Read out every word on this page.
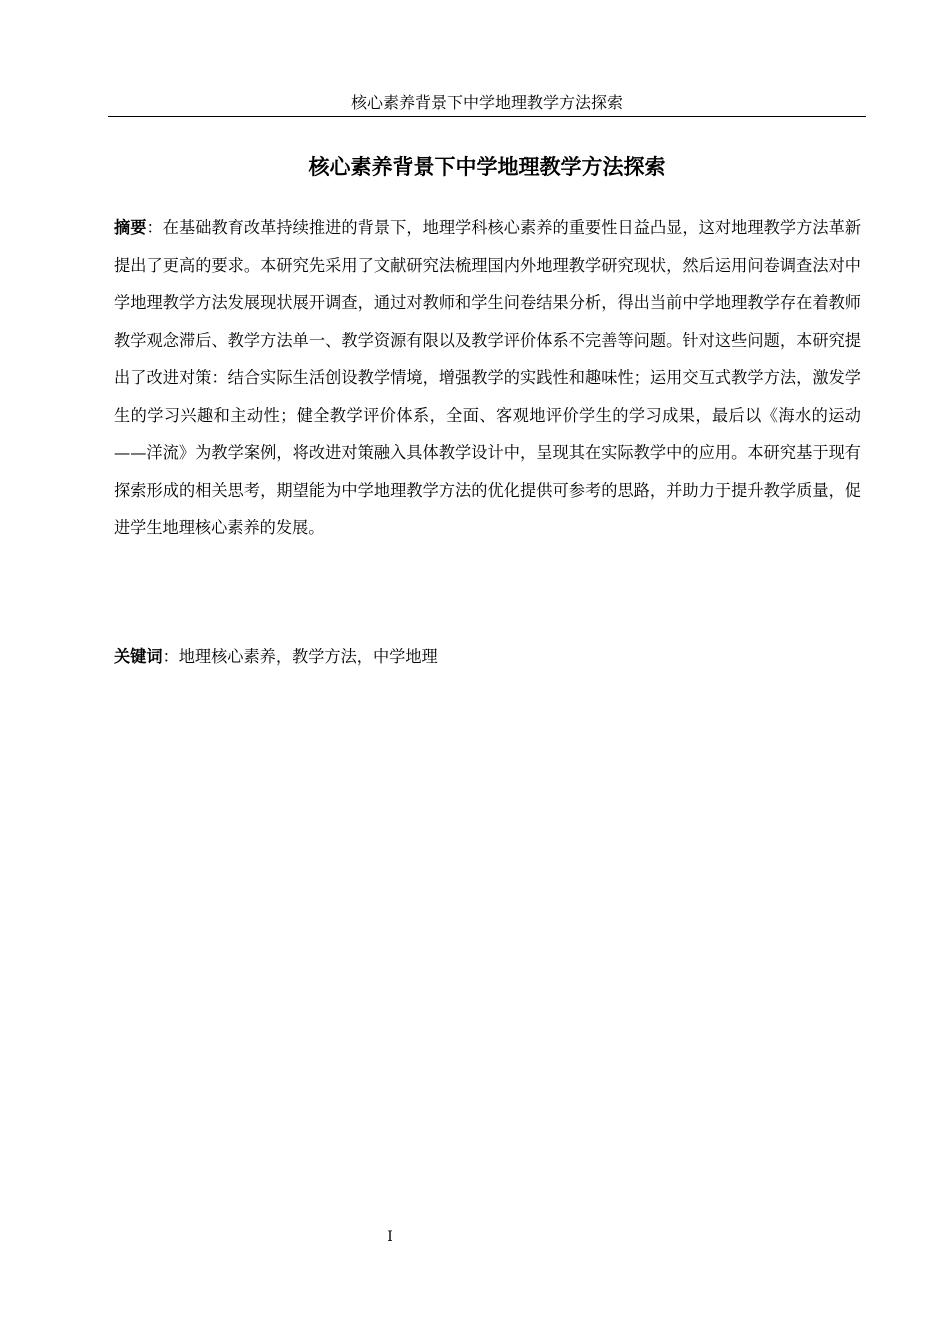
核心素养背景下中学地理教学方法探索
核心素养背景下中学地理教学方法探索

摘要：在基础教育改革持续推进的背景下，地理学科核心素养的重要性日益凸显，这对地理教学方法革新提出了更高的要求。本研究先采用了文献研究法梳理国内外地理教学研究现状，然后运用问卷调查法对中学地理教学方法发展现状展开调查，通过对教师和学生问卷结果分析，得出当前中学地理教学存在着教师教学观念滞后、教学方法单一、教学资源有限以及教学评价体系不完善等问题。针对这些问题，本研究提出了改进对策：结合实际生活创设教学情境，增强教学的实践性和趣味性；运用交互式教学方法，激发学生的学习兴趣和主动性；健全教学评价体系，全面、客观地评价学生的学习成果，最后以《海水的运动——洋流》为教学案例，将改进对策融入具体教学设计中，呈现其在实际教学中的应用。本研究基于现有探索形成的相关思考，期望能为中学地理教学方法的优化提供可参考的思路，并助力于提升教学质量，促进学生地理核心素养的发展。

关键词：地理核心素养，教学方法，中学地理

I
